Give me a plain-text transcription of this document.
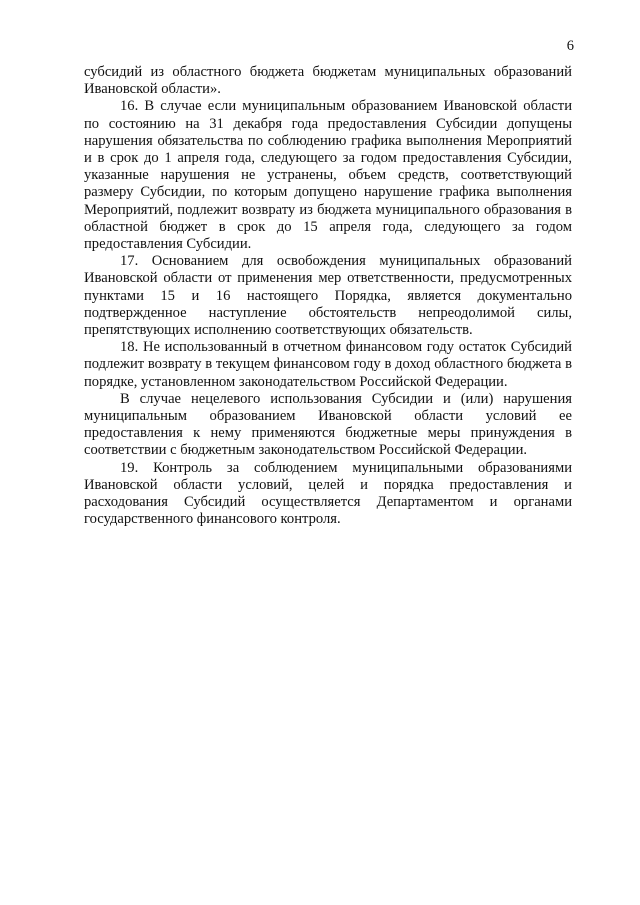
6

субсидий из областного бюджета бюджетам муниципальных образований Ивановской области».

16. В случае если муниципальным образованием Ивановской области по состоянию на 31 декабря года предоставления Субсидии допущены нарушения обязательства по соблюдению графика выполнения Мероприятий и в срок до 1 апреля года, следующего за годом предоставления Субсидии, указанные нарушения не устранены, объем средств, соответствующий размеру Субсидии, по которым допущено нарушение графика выполнения Мероприятий, подлежит возврату из бюджета муниципального образования в областной бюджет в срок до 15 апреля года, следующего за годом предоставления Субсидии.

17. Основанием для освобождения муниципальных образований Ивановской области от применения мер ответственности, предусмотренных пунктами 15 и 16 настоящего Порядка, является документально подтвержденное наступление обстоятельств непреодолимой силы, препятствующих исполнению соответствующих обязательств.

18. Не использованный в отчетном финансовом году остаток Субсидий подлежит возврату в текущем финансовом году в доход областного бюджета в порядке, установленном законодательством Российской Федерации.

В случае нецелевого использования Субсидии и (или) нарушения муниципальным образованием Ивановской области условий ее предоставления к нему применяются бюджетные меры принуждения в соответствии с бюджетным законодательством Российской Федерации.

19. Контроль за соблюдением муниципальными образованиями Ивановской области условий, целей и порядка предоставления и расходования Субсидий осуществляется Департаментом и органами государственного финансового контроля.
